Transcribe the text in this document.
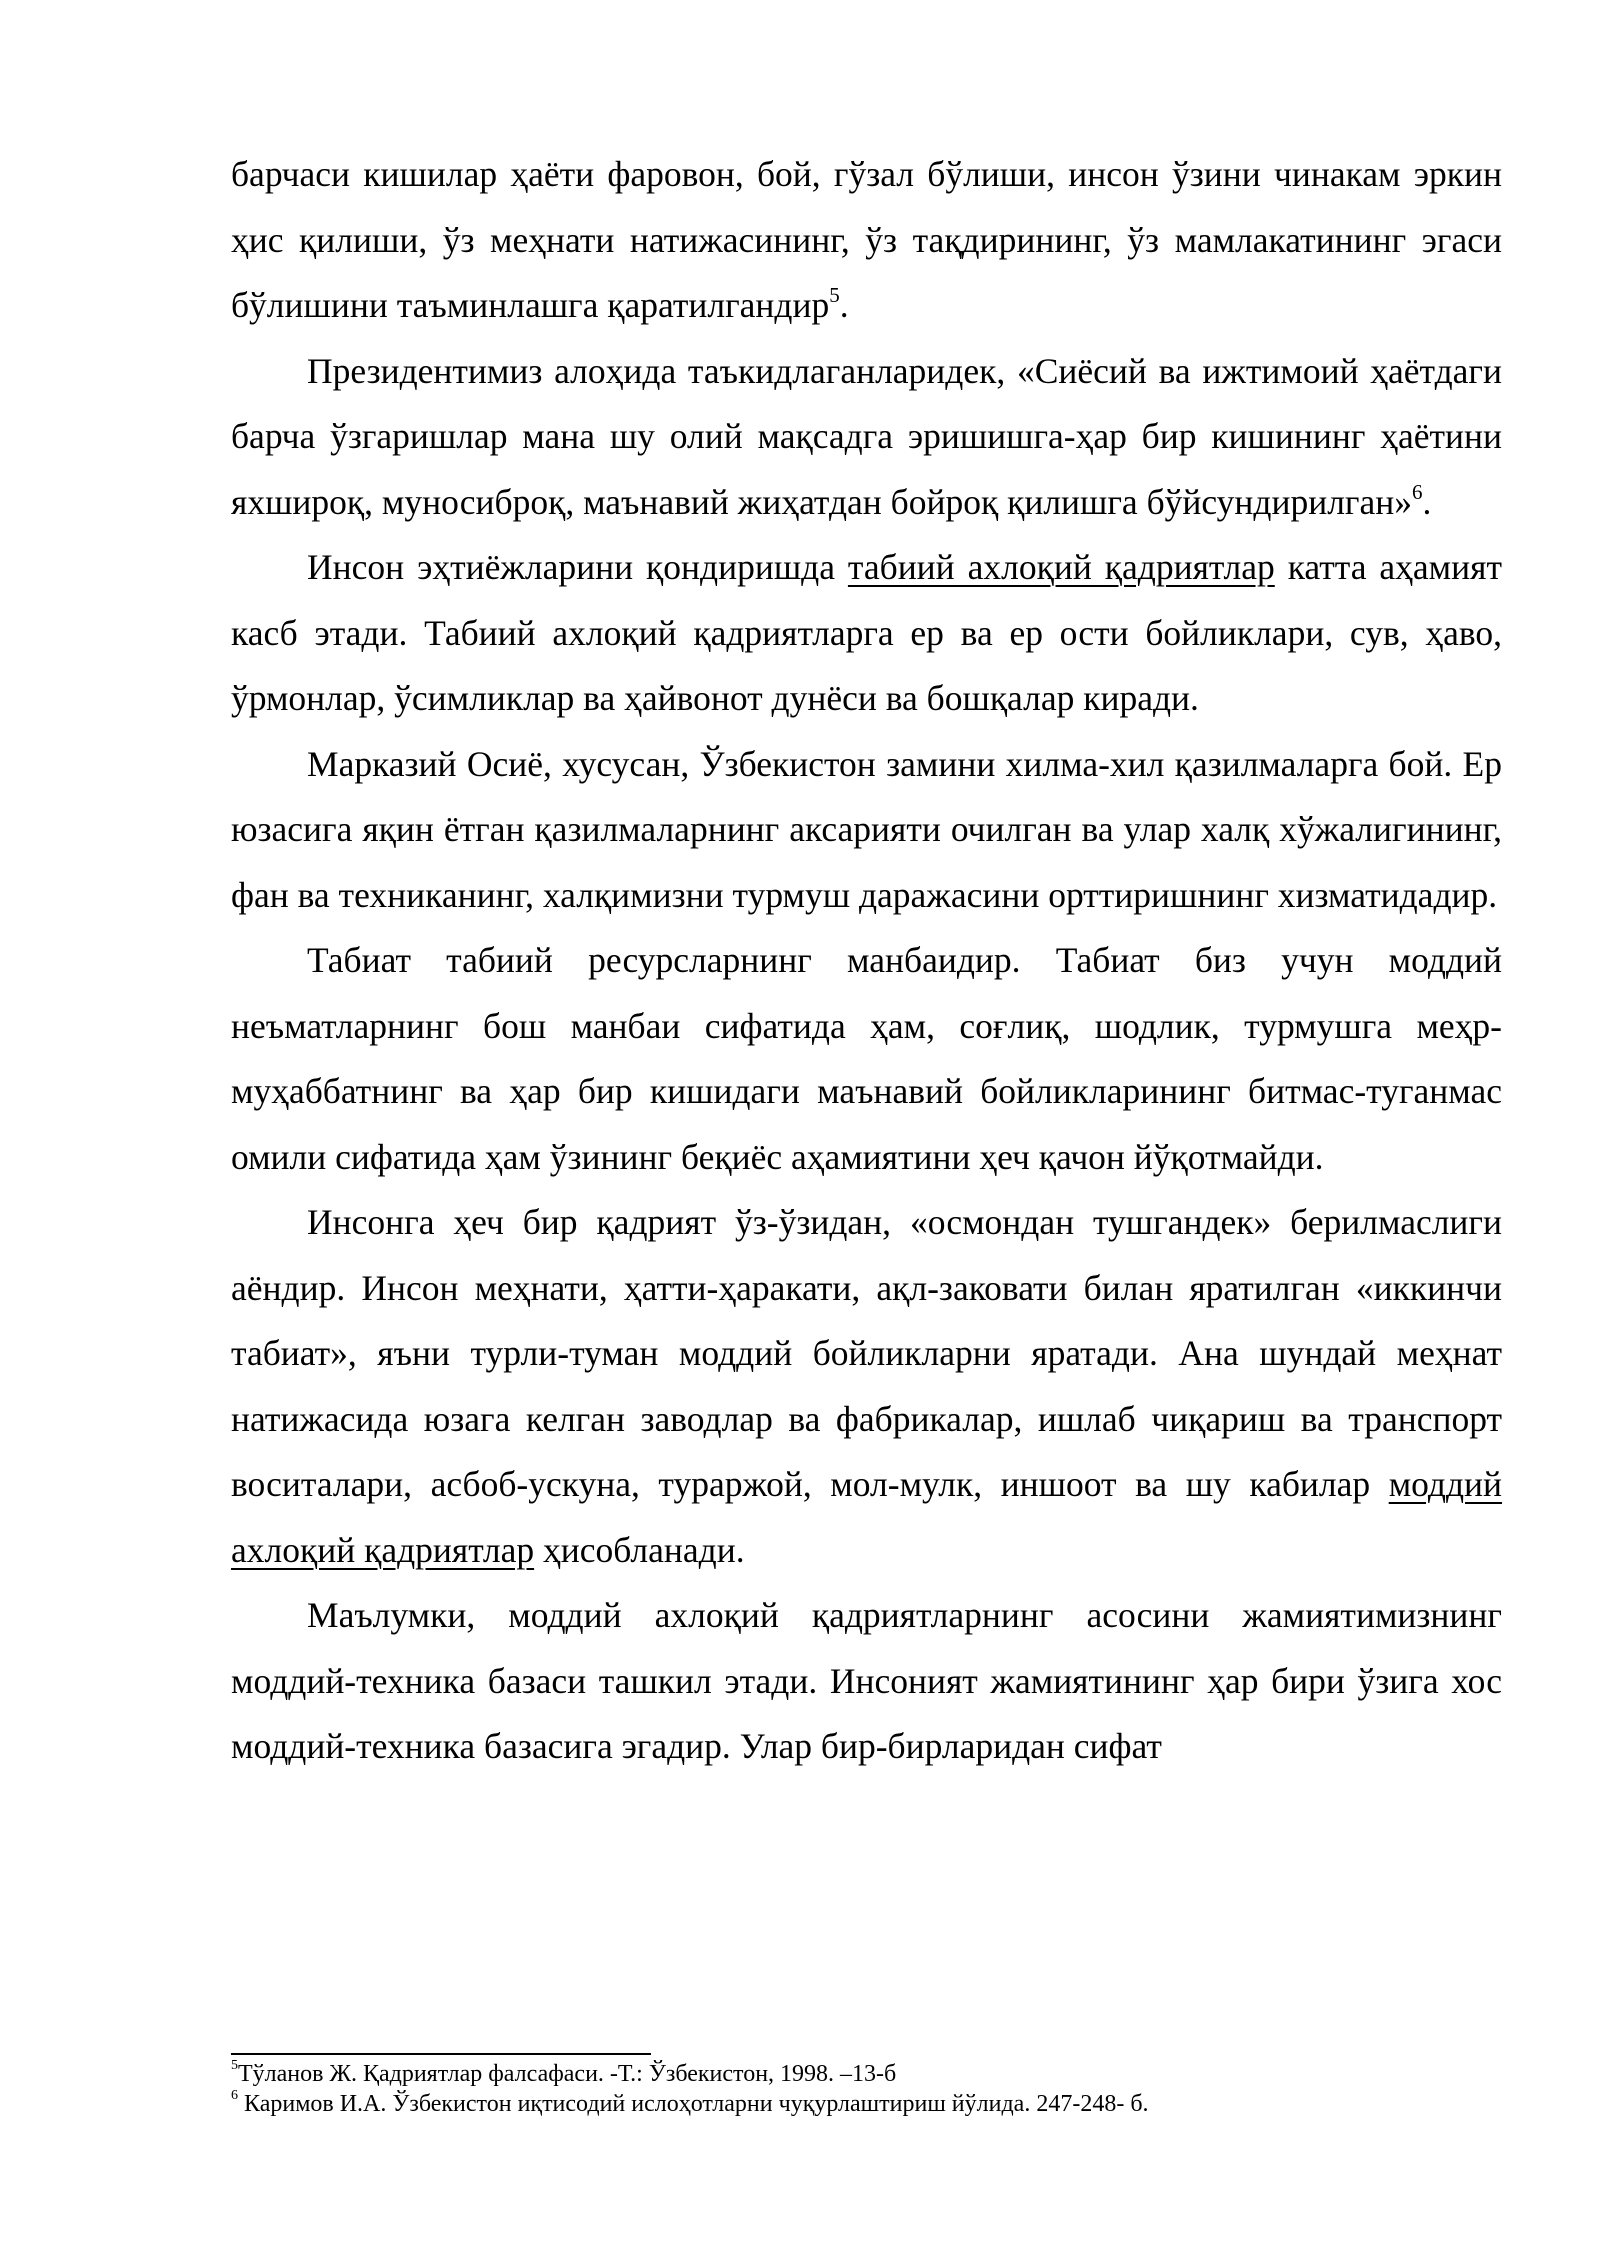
барчаси кишилар ҳаёти фаровон, бой, гўзал бўлиши, инсон ўзини чинакам эркин ҳис қилиши, ўз меҳнати натижасининг, ўз тақдирининг, ўз мамлакатининг эгаси бўлишини таъминлашга қаратилгандир$^5$.

Президентимиз алоҳида таъкидлаганларидек, «Сиёсий ва ижтимоий ҳаётдаги барча ўзгаришлар мана шу олий мақсадга эришишга-ҳар бир кишининг ҳаётини яхшироқ, муносиброқ, маънавий жиҳатдан бойроқ қилишга бўйсундирилган»$^6$.

Инсон эҳтиёжларини қондиришда табиий ахлоқий қадриятлар катта аҳамият касб этади. Табиий ахлоқий қадриятларга ер ва ер ости бойликлари, сув, ҳаво, ўрмонлар, ўсимликлар ва ҳайвонот дунёси ва бошқалар киради.

Марказий Осиё, хусусан, Ўзбекистон замини хилма-хил қазилмаларга бой. Ер юзасига яқин ётган қазилмаларнинг аксарияти очилган ва улар халқ хўжалигининг, фан ва техниканинг, халқимизни турмуш даражасини орттиришнинг хизматидадир.

Табиат табиий ресурсларнинг манбаидир. Табиат биз учун моддий неъматларнинг бош манбаи сифатида ҳам, соғлиқ, шодлик, турмушга меҳр-муҳаббатнинг ва ҳар бир кишидаги маънавий бойликларининг битмас-туганмас омили сифатида ҳам ўзининг беқиёс аҳамиятини ҳеч қачон йўқотмайди.

Инсонга ҳеч бир қадрият ўз-ўзидан, «осмондан тушгандек» берилмаслиги аёндир. Инсон меҳнати, ҳатти-ҳаракати, ақл-заковати билан яратилган «иккинчи табиат», яъни турли-туман моддий бойликларни яратади. Ана шундай меҳнат натижасида юзага келган заводлар ва фабрикалар, ишлаб чиқариш ва транспорт воситалари, асбоб-ускуна, тураржой, мол-мулк, иншоот ва шу кабилар моддий ахлоқий қадриятлар ҳисобланади.

Маълумки, моддий ахлоқий қадриятларнинг асосини жамиятимизнинг моддий-техника базаси ташкил этади. Инсоният жамиятининг ҳар бири ўзига хос моддий-техника базасига эгадир. Улар бир-бирларидан сифат

$^5$Тўланов Ж. Қадриятлар фалсафаси. -Т.: Ўзбекистон, 1998. –13-б

$^6$ Каримов И.А. Ўзбекистон иқтисодий ислоҳотларни чуқурлаштириш йўлида. 247-248- б.
